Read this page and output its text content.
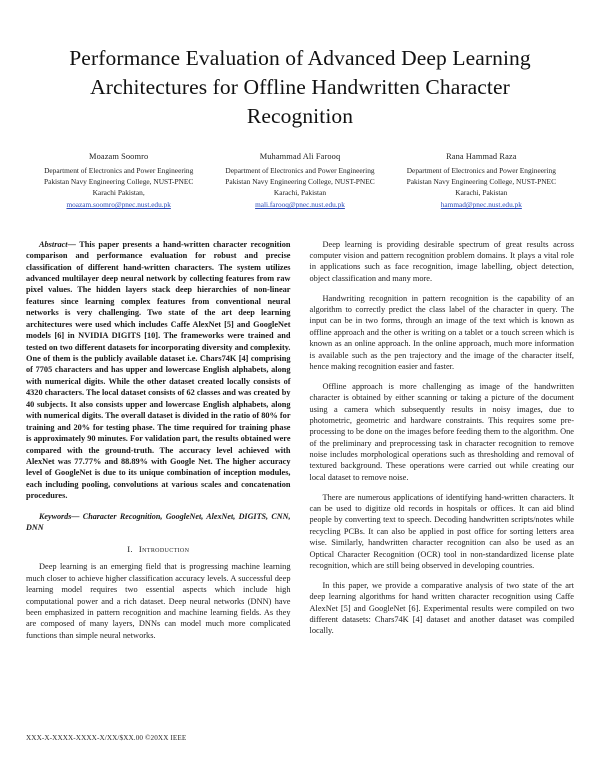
Performance Evaluation of Advanced Deep Learning Architectures for Offline Handwritten Character Recognition
Moazam Soomro
Department of Electronics and Power Engineering
Pakistan Navy Engineering College, NUST-PNEC
Karachi Pakistan,
moazam.soomro@pnec.nust.edu.pk
Muhammad Ali Farooq
Department of Electronics and Power Engineering
Pakistan Navy Engineering College, NUST-PNEC
Karachi, Pakistan
mali.farooq@pnec.nust.edu.pk
Rana Hammad Raza
Department of Electronics and Power Engineering
Pakistan Navy Engineering College, NUST-PNEC
Karachi, Pakistan
hammad@pnec.nust.edu.pk

Abstract— This paper presents a hand-written character recognition comparison and performance evaluation for robust and precise classification of different hand-written characters. The system utilizes advanced multilayer deep neural network by collecting features from raw pixel values. The hidden layers stack deep hierarchies of non-linear features since learning complex features from conventional neural networks is very challenging. Two state of the art deep learning architectures were used which includes Caffe AlexNet [5] and GoogleNet models [6] in NVIDIA DIGITS [10]. The frameworks were trained and tested on two different datasets for incorporating diversity and complexity. One of them is the publicly available dataset i.e. Chars74K [4] comprising of 7705 characters and has upper and lowercase English alphabets, along with numerical digits. While the other dataset created locally consists of 4320 characters. The local dataset consists of 62 classes and was created by 40 subjects. It also consists upper and lowercase English alphabets, along with numerical digits. The overall dataset is divided in the ratio of 80% for training and 20% for testing phase. The time required for training phase is approximately 90 minutes. For validation part, the results obtained were compared with the ground-truth. The accuracy level achieved with AlexNet was 77.77% and 88.89% with Google Net. The higher accuracy level of GoogleNet is due to its unique combination of inception modules, each including pooling, convolutions at various scales and concatenation procedures.

Keywords— Character Recognition, GoogleNet, AlexNet, DIGITS, CNN, DNN

I. Introduction

Deep learning is an emerging field that is progressing machine learning much closer to achieve higher classification accuracy levels. A successful deep learning model requires two essential aspects which include high computational power and a rich dataset. Deep neural networks (DNN) have been emphasized in pattern recognition and machine learning fields. As they are composed of many layers, DNNs can model much more complicated functions than simple neural networks.

Deep learning is providing desirable spectrum of great results across computer vision and pattern recognition problem domains. It plays a vital role in applications such as face recognition, image labelling, object detection, object classification and many more.

Handwriting recognition in pattern recognition is the capability of an algorithm to correctly predict the class label of the character in query. The input can be in two forms, through an image of the text which is known as offline approach and the other is writing on a tablet or a touch screen which is known as an online approach. In the online approach, much more information is available such as the pen trajectory and the image of the character itself, hence making recognition easier and faster.

Offline approach is more challenging as image of the handwritten character is obtained by either scanning or taking a picture of the document using a camera which subsequently results in noisy images, due to photometric, geometric and hardware constraints. This requires some pre-processing to be done on the images before feeding them to the algorithm. One of the preliminary and preprocessing task in character recognition to remove noise includes morphological operations such as thresholding and removal of textured background. These operations were carried out while creating our local dataset to remove noise.

There are numerous applications of identifying hand-written characters. It can be used to digitize old records in hospitals or offices. It can aid blind people by converting text to speech. Decoding handwritten scripts/notes while recycling PCBs. It can also be applied in post office for sorting letters area wise. Similarly, handwritten character recognition can also be used as an Optical Character Recognition (OCR) tool in non-standardized license plate recognition, which are still being observed in developing countries.

In this paper, we provide a comparative analysis of two state of the art deep learning algorithms for hand written character recognition using Caffe AlexNet [5] and GoogleNet [6]. Experimental results were compiled on two different datasets: Chars74K [4] dataset and another dataset was compiled locally.

XXX-X-XXXX-XXXX-X/XX/$XX.00 ©20XX IEEE
